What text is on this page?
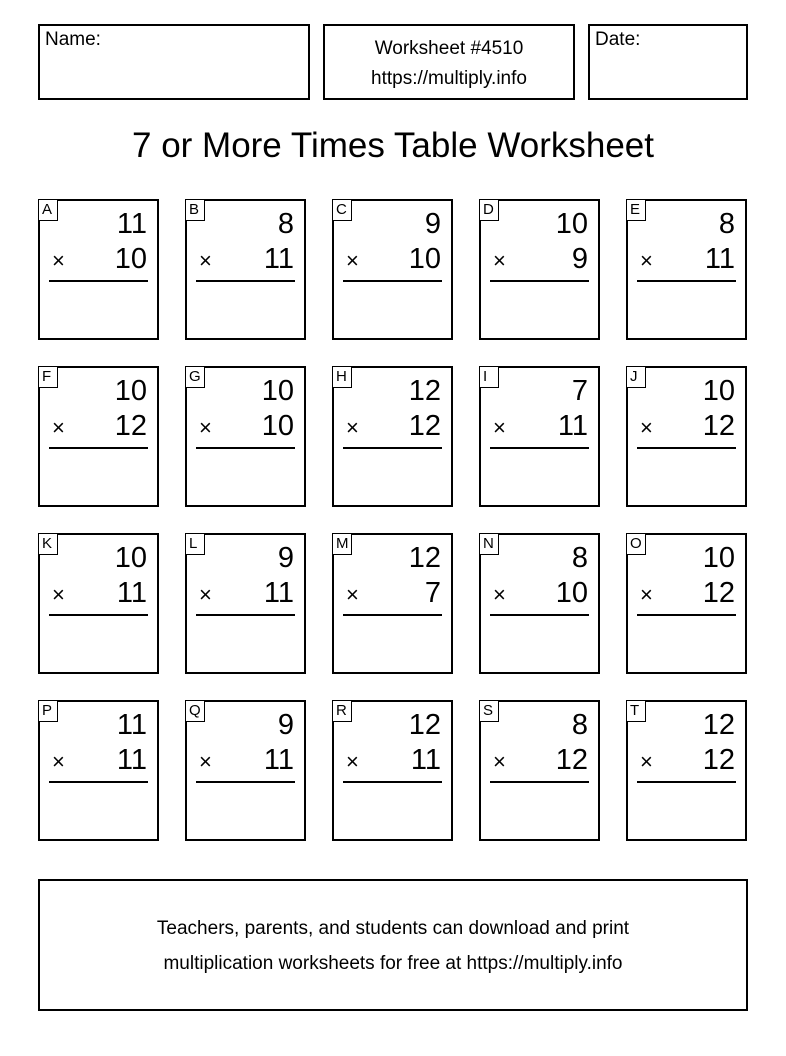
Name:	Worksheet #4510
https://multiply.info
Date:
7 or More Times Table Worksheet
A 11
× 10
B	8
× 11
C	9
× 10
D 10
× 9
E	8
× 11
F 10
× 12
G 10
× 10
H 12
× 12
I	7
× 11
J 10
× 12
K 10
× 11
L	9
× 11
M 12
× 7
N	8
× 10
O 10
× 12
P 11
× 11
Q	9
× 11
R 12
× 11
S	8
× 12
T 12
× 12
Teachers, parents, and students can download and print
multiplication worksheets for free at https://multiply.info
